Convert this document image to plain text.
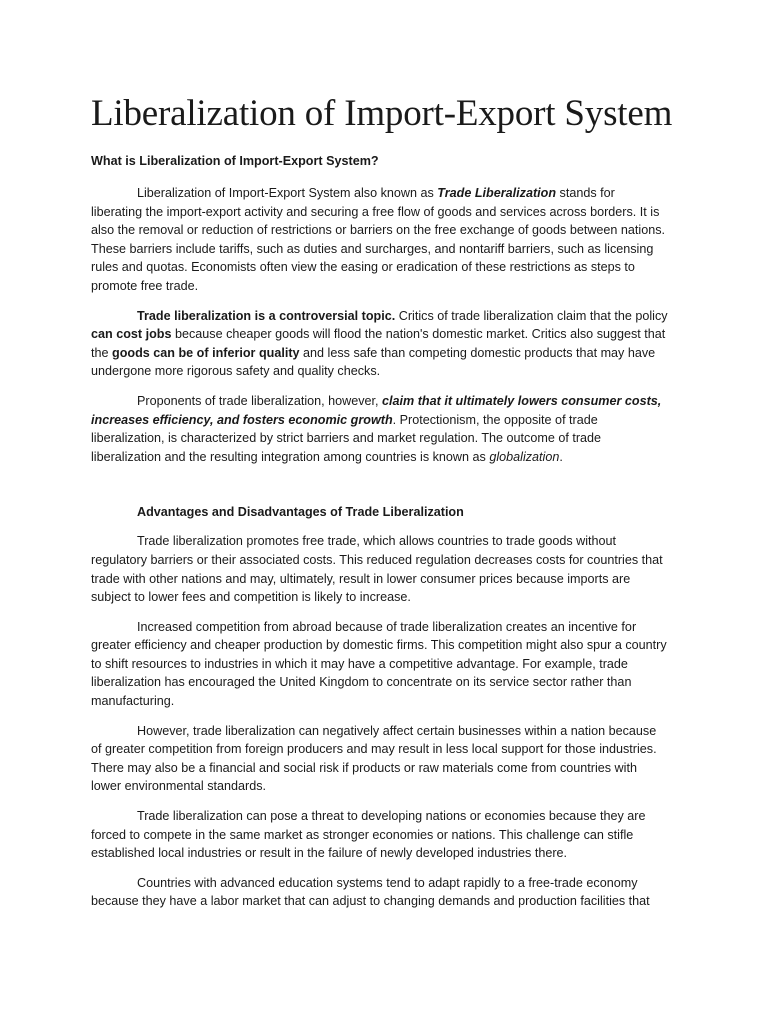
Liberalization of Import-Export System
What is Liberalization of Import-Export System?

Liberalization of Import-Export System also known as Trade Liberalization stands for liberating the import-export activity and securing a free flow of goods and services across borders. It is also the removal or reduction of restrictions or barriers on the free exchange of goods between nations. These barriers include tariffs, such as duties and surcharges, and nontariff barriers, such as licensing rules and quotas. Economists often view the easing or eradication of these restrictions as steps to promote free trade.

Trade liberalization is a controversial topic. Critics of trade liberalization claim that the policy can cost jobs because cheaper goods will flood the nation's domestic market. Critics also suggest that the goods can be of inferior quality and less safe than competing domestic products that may have undergone more rigorous safety and quality checks.

Proponents of trade liberalization, however, claim that it ultimately lowers consumer costs, increases efficiency, and fosters economic growth. Protectionism, the opposite of trade liberalization, is characterized by strict barriers and market regulation. The outcome of trade liberalization and the resulting integration among countries is known as globalization.

Advantages and Disadvantages of Trade Liberalization

Trade liberalization promotes free trade, which allows countries to trade goods without regulatory barriers or their associated costs. This reduced regulation decreases costs for countries that trade with other nations and may, ultimately, result in lower consumer prices because imports are subject to lower fees and competition is likely to increase.

Increased competition from abroad because of trade liberalization creates an incentive for greater efficiency and cheaper production by domestic firms. This competition might also spur a country to shift resources to industries in which it may have a competitive advantage. For example, trade liberalization has encouraged the United Kingdom to concentrate on its service sector rather than manufacturing.

However, trade liberalization can negatively affect certain businesses within a nation because of greater competition from foreign producers and may result in less local support for those industries. There may also be a financial and social risk if products or raw materials come from countries with lower environmental standards.

Trade liberalization can pose a threat to developing nations or economies because they are forced to compete in the same market as stronger economies or nations. This challenge can stifle established local industries or result in the failure of newly developed industries there.

Countries with advanced education systems tend to adapt rapidly to a free-trade economy because they have a labor market that can adjust to changing demands and production facilities that
